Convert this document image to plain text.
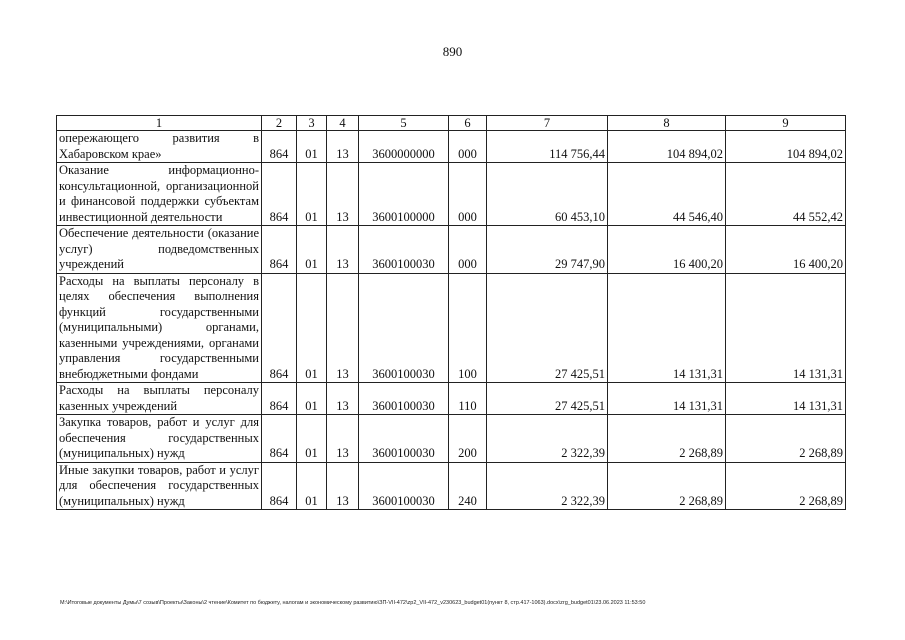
890
1	2	3	4	5	6	7	8	9
опережающего развития в Хабаровском крае»	864	01	13	3600000000	000	114 756,44	104 894,02	104 894,02
Оказание информационно-консультационной, организационной и финансовой поддержки субъектам инвестиционной деятельности	864	01	13	3600100000	000	60 453,10	44 546,40	44 552,42
Обеспечение деятельности (оказание услуг) подведомственных учреждений	864	01	13	3600100030	000	29 747,90	16 400,20	16 400,20
Расходы на выплаты персоналу в целях обеспечения выполнения функций государственными (муниципальными) органами, казенными учреждениями, органами управления государственными внебюджетными фондами	864	01	13	3600100030	100	27 425,51	14 131,31	14 131,31
Расходы на выплаты персоналу казенных учреждений	864	01	13	3600100030	110	27 425,51	14 131,31	14 131,31
Закупка товаров, работ и услуг для обеспечения государственных (муниципальных) нужд	864	01	13	3600100030	200	2 322,39	2 268,89	2 268,89
Иные закупки товаров, работ и услуг для обеспечения государственных (муниципальных) нужд	864	01	13	3600100030	240	2 322,39	2 268,89	2 268,89
M:\Итоговые документы Думы\7 созыв\Проекты\Законы\2 чтение\Комитет по бюджету, налогам и экономическому развитию\ЗП-VII-472\zp2_VII-472_v230623_budget01(пункт 8, стр.417-1063).docx\zrg_budget01\23.06.2023 11:53:50
